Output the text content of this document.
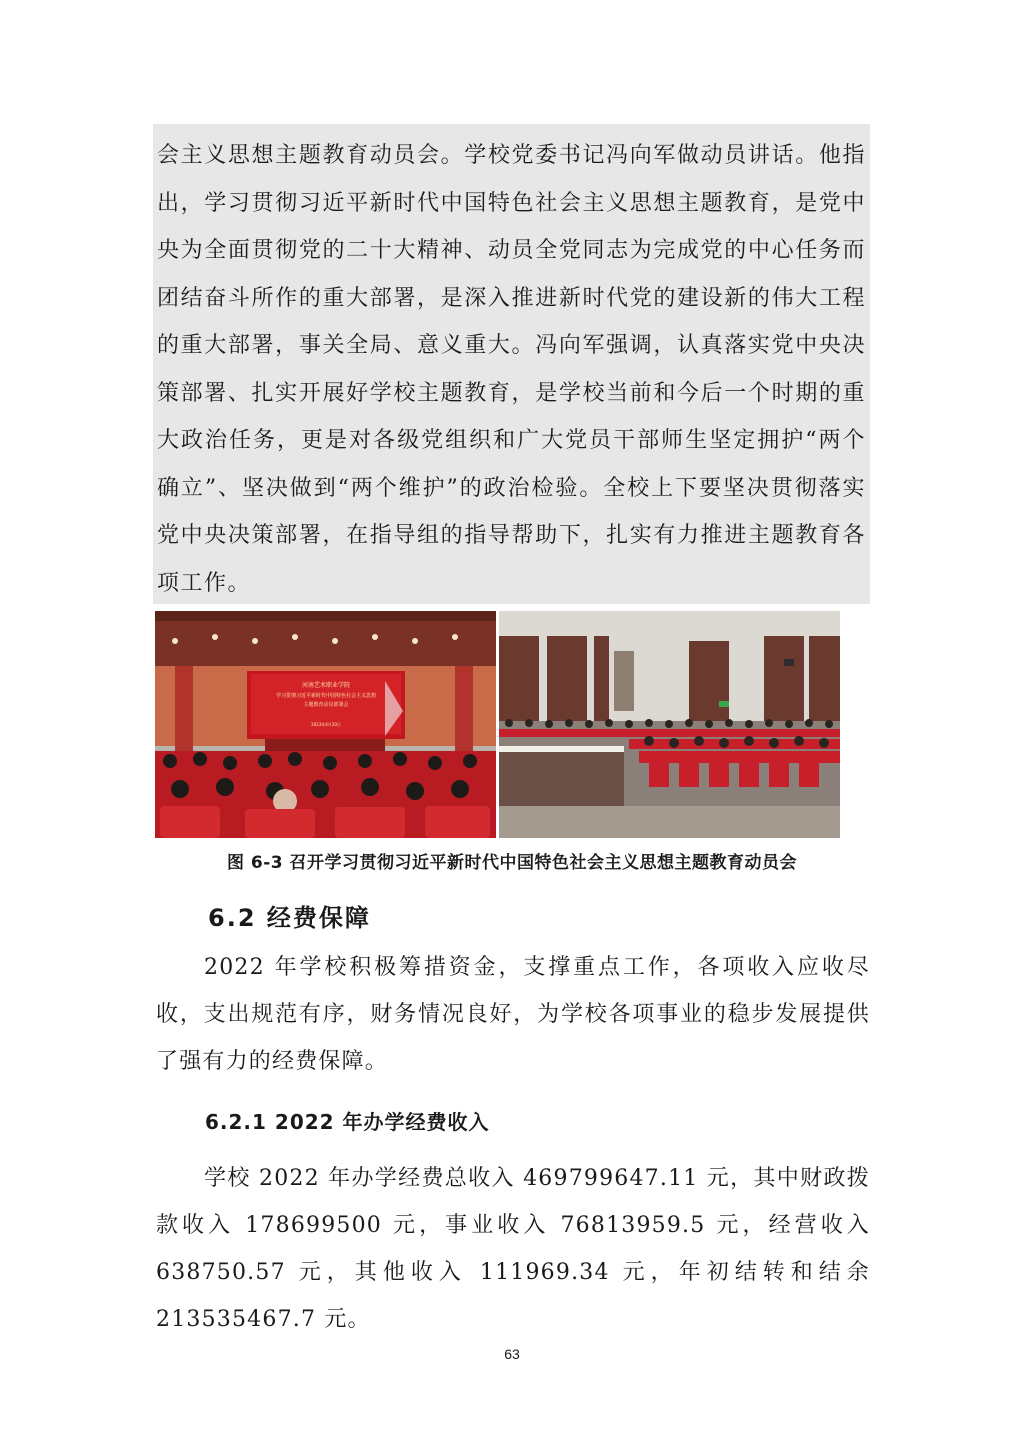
会主义思想主题教育动员会。学校党委书记冯向军做动员讲话。他指出，学习贯彻习近平新时代中国特色社会主义思想主题教育，是党中央为全面贯彻党的二十大精神、动员全党同志为完成党的中心任务而团结奋斗所作的重大部署，是深入推进新时代党的建设新的伟大工程的重大部署，事关全局、意义重大。冯向军强调，认真落实党中央决策部署、扎实开展好学校主题教育，是学校当前和今后一个时期的重大政治任务，更是对各级党组织和广大党员干部师生坚定拥护“两个确立”、坚决做到“两个维护”的政治检验。全校上下要坚决贯彻落实党中央决策部署，在指导组的指导帮助下，扎实有力推进主题教育各项工作。

河南艺术职业学院
学习贯彻习近平新时代中国特色社会主义思想
主题教育动员部署会
2023年4月20日
图 6-3 召开学习贯彻习近平新时代中国特色社会主义思想主题教育动员会
6.2 经费保障

2022 年学校积极筹措资金，支撑重点工作，各项收入应收尽收，支出规范有序，财务情况良好，为学校各项事业的稳步发展提供了强有力的经费保障。

6.2.1 2022 年办学经费收入

学校 2022 年办学经费总收入 469799647.11 元，其中财政拨款收入 178699500 元，事业收入 76813959.5 元，经营收入 638750.57 元，其他收入 111969.34 元，年初结转和结余 213535467.7 元。

63
